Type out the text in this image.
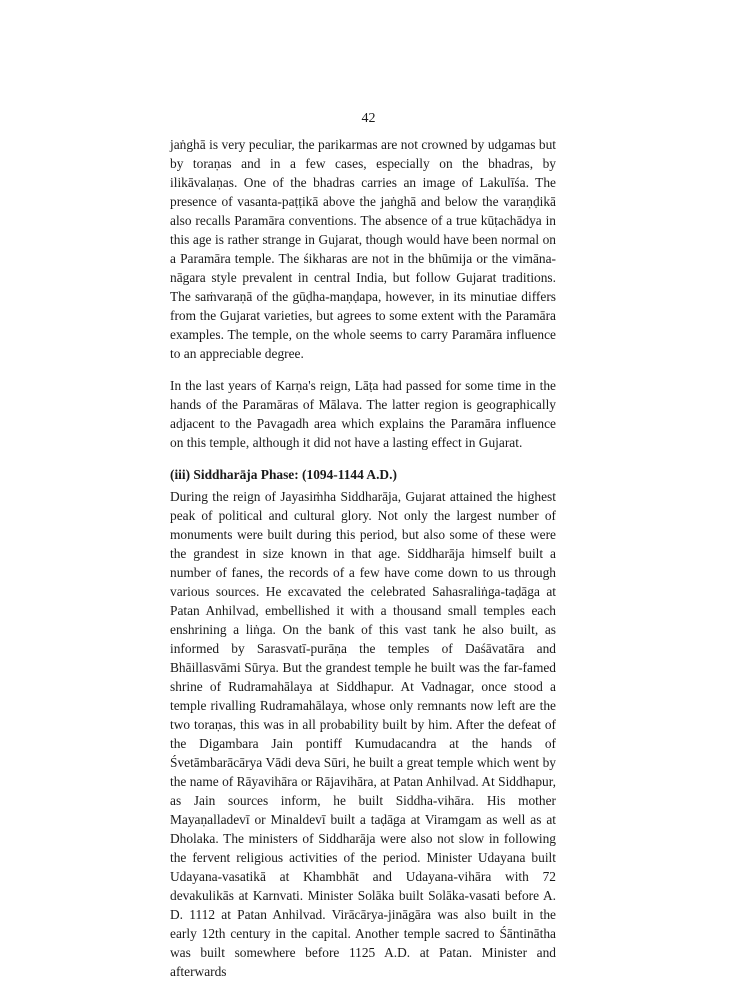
42

jaṅghā is very peculiar, the parikarmas are not crowned by udgamas but by toraṇas and in a few cases, especially on the bhadras, by ilikāvalaṇas. One of the bhadras carries an image of Lakulīśa. The presence of vasanta-paṭṭikā above the jaṅghā and below the varaṇḍikā also recalls Paramāra conventions. The absence of a true kūṭachādya in this age is rather strange in Gujarat, though would have been normal on a Paramāra temple. The śikharas are not in the bhūmija or the vimāna-nāgara style prevalent in central India, but follow Gujarat traditions. The saṁvaraṇā of the gūḍha-maṇḍapa, however, in its minutiae differs from the Gujarat varieties, but agrees to some extent with the Paramāra examples. The temple, on the whole seems to carry Paramāra influence to an appreciable degree.

In the last years of Karṇa's reign, Lāṭa had passed for some time in the hands of the Paramāras of Mālava. The latter region is geographically adjacent to the Pavagadh area which explains the Paramāra influence on this temple, although it did not have a lasting effect in Gujarat.

(iii) Siddharāja Phase: (1094-1144 A.D.)

During the reign of Jayasiṁha Siddharāja, Gujarat attained the highest peak of political and cultural glory. Not only the largest number of monuments were built during this period, but also some of these were the grandest in size known in that age. Siddharāja himself built a number of fanes, the records of a few have come down to us through various sources. He excavated the celebrated Sahasraliṅga-taḍāga at Patan Anhilvad, embellished it with a thousand small temples each enshrining a liṅga. On the bank of this vast tank he also built, as informed by Sarasvatī-purāṇa the temples of Daśāvatāra and Bhāillasvāmi Sūrya. But the grandest temple he built was the far-famed shrine of Rudramahālaya at Siddhapur. At Vadnagar, once stood a temple rivalling Rudramahālaya, whose only remnants now left are the two toraṇas, this was in all probability built by him. After the defeat of the Digambara Jain pontiff Kumudacandra at the hands of Śvetāmbarācārya Vādi deva Sūri, he built a great temple which went by the name of Rāyavihāra or Rājavihāra, at Patan Anhilvad. At Siddhapur, as Jain sources inform, he built Siddha-vihāra. His mother Mayaṇalladevī or Minaldevī built a taḍāga at Viramgam as well as at Dholaka. The ministers of Siddharāja were also not slow in following the fervent religious activities of the period. Minister Udayana built Udayana-vasatikā at Khambhāt and Udayana-vihāra with 72 devakulikās at Karnvati. Minister Solāka built Solāka-vasati before A. D. 1112 at Patan Anhilvad. Virācārya-jināgāra was also built in the early 12th century in the capital. Another temple sacred to Śāntinātha was built somewhere before 1125 A.D. at Patan. Minister and afterwards
